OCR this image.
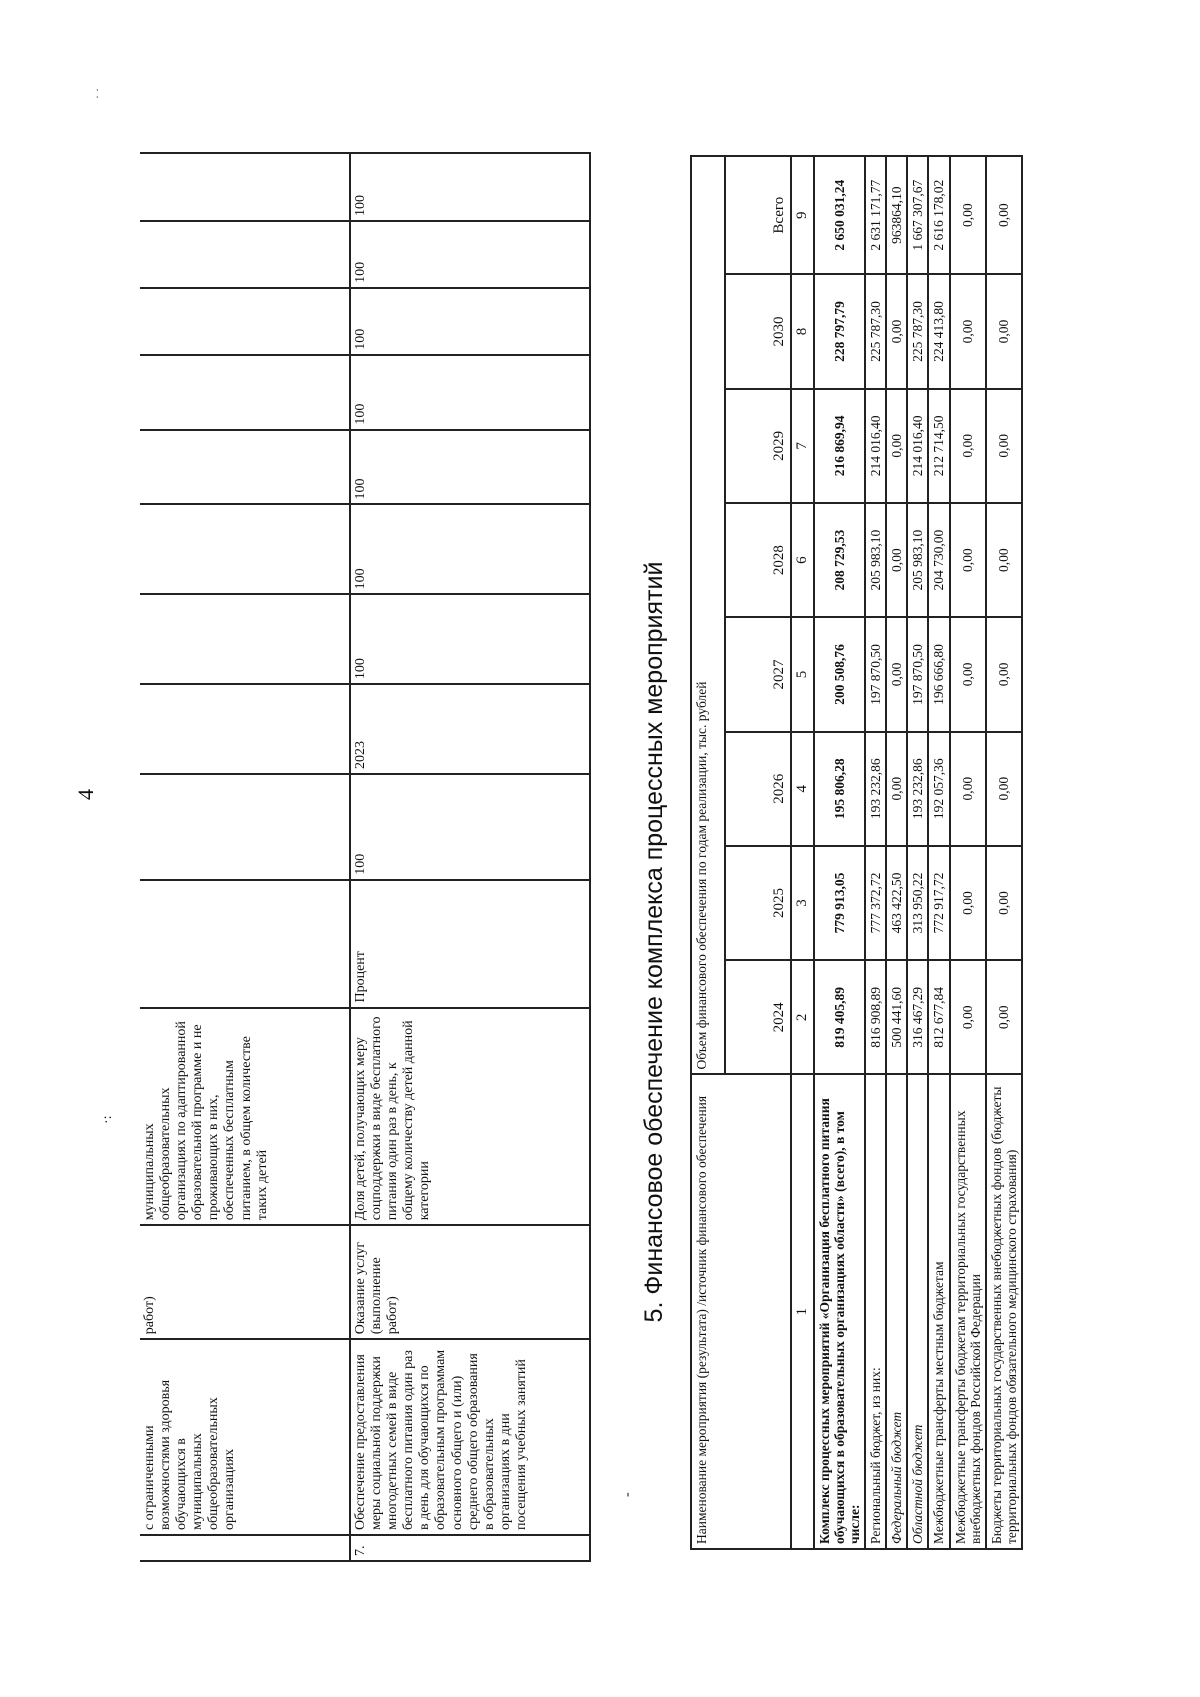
4
·:
· ·
-
	с ограниченными возможностями здоровья обучающихся в муниципальных общеобразовательных организациях	работ)	муниципальных общеобразовательных организациях по адаптированной образовательной программе и не проживающих в них, обеспеченных бесплатным питанием, в общем количестве таких детей										
7.	Обеспечение предоставления меры социальной поддержки многодетных семей в виде бесплатного питания один раз в день для обучающихся по образовательным программам основного общего и (или) среднего общего образования в образовательных организациях в дни посещения учебных занятий	Оказание услуг (выполнение работ)	Доля детей, получающих меру соцподдержки в виде бесплатного питания один раз в день, к общему количеству детей данной категории	Процент	100	2023	100	100	100	100	100	100	100
5. Финансовое обеспечение комплекса процессных мероприятий Наименование мероприятия (результата) /источник финансового обеспечения	Объем финансового обеспечения по годам реализации, тыс. рублей							
	2024	2025	2026	2027	2028	2029	2030	Всего
1	2	3	4	5	6	7	8	9
Комплекс процессных мероприятий «Организация бесплатного питания обучающихся в образовательных организациях области» (всего), в том числе:	819 405,89	779 913,05	195 806,28	200 508,76	208 729,53	216 869,94	228 797,79	2 650 031,24
Региональный бюджет, из них:	816 908,89	777 372,72	193 232,86	197 870,50	205 983,10	214 016,40	225 787,30	2 631 171,77
Федеральный бюджет	500 441,60	463 422,50	0,00	0,00	0,00	0,00	0,00	963864,10
Областной бюджет	316 467,29	313 950,22	193 232,86	197 870,50	205 983,10	214 016,40	225 787,30	1 667 307,67
Межбюджетные трансферты местным бюджетам	812 677,84	772 917,72	192 057,36	196 666,80	204 730,00	212 714,50	224 413,80	2 616 178,02
Межбюджетные трансферты бюджетам территориальных государственных внебюджетных фондов Российской Федерации	0,00	0,00	0,00	0,00	0,00	0,00	0,00	0,00
Бюджеты территориальных государственных внебюджетных фондов (бюджеты территориальных фондов обязательного медицинского страхования)	0,00	0,00	0,00	0,00	0,00	0,00	0,00	0,00
